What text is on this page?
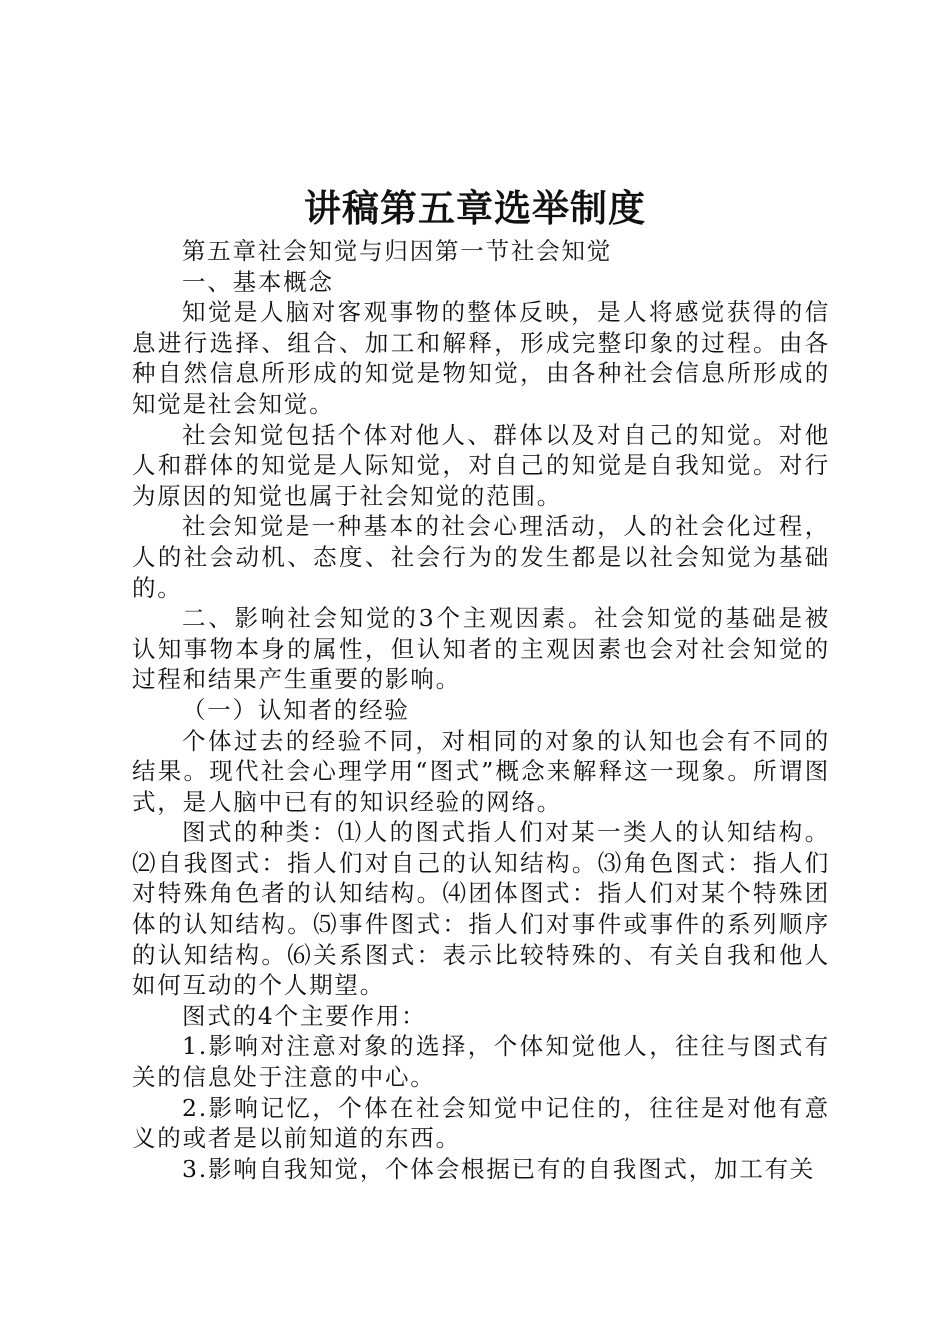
讲稿第五章选举制度

第五章社会知觉与归因第一节社会知觉

一、基本概念

知觉是人脑对客观事物的整体反映，是人将感觉获得的信息进行选择、组合、加工和解释，形成完整印象的过程。由各种自然信息所形成的知觉是物知觉，由各种社会信息所形成的知觉是社会知觉。

社会知觉包括个体对他人、群体以及对自己的知觉。对他人和群体的知觉是人际知觉，对自己的知觉是自我知觉。对行为原因的知觉也属于社会知觉的范围。

社会知觉是一种基本的社会心理活动，人的社会化过程，人的社会动机、态度、社会行为的发生都是以社会知觉为基础的。

二、影响社会知觉的3个主观因素。社会知觉的基础是被认知事物本身的属性，但认知者的主观因素也会对社会知觉的过程和结果产生重要的影响。

（一）认知者的经验

个体过去的经验不同，对相同的对象的认知也会有不同的结果。现代社会心理学用“图式”概念来解释这一现象。所谓图式，是人脑中已有的知识经验的网络。

图式的种类：⑴人的图式指人们对某一类人的认知结构。⑵自我图式：指人们对自己的认知结构。⑶角色图式：指人们对特殊角色者的认知结构。⑷团体图式：指人们对某个特殊团体的认知结构。⑸事件图式：指人们对事件或事件的系列顺序的认知结构。⑹关系图式：表示比较特殊的、有关自我和他人如何互动的个人期望。

图式的4个主要作用：

1.影响对注意对象的选择，个体知觉他人，往往与图式有关的信息处于注意的中心。

2.影响记忆，个体在社会知觉中记住的，往往是对他有意义的或者是以前知道的东西。

3.影响自我知觉，个体会根据已有的自我图式，加工有关
